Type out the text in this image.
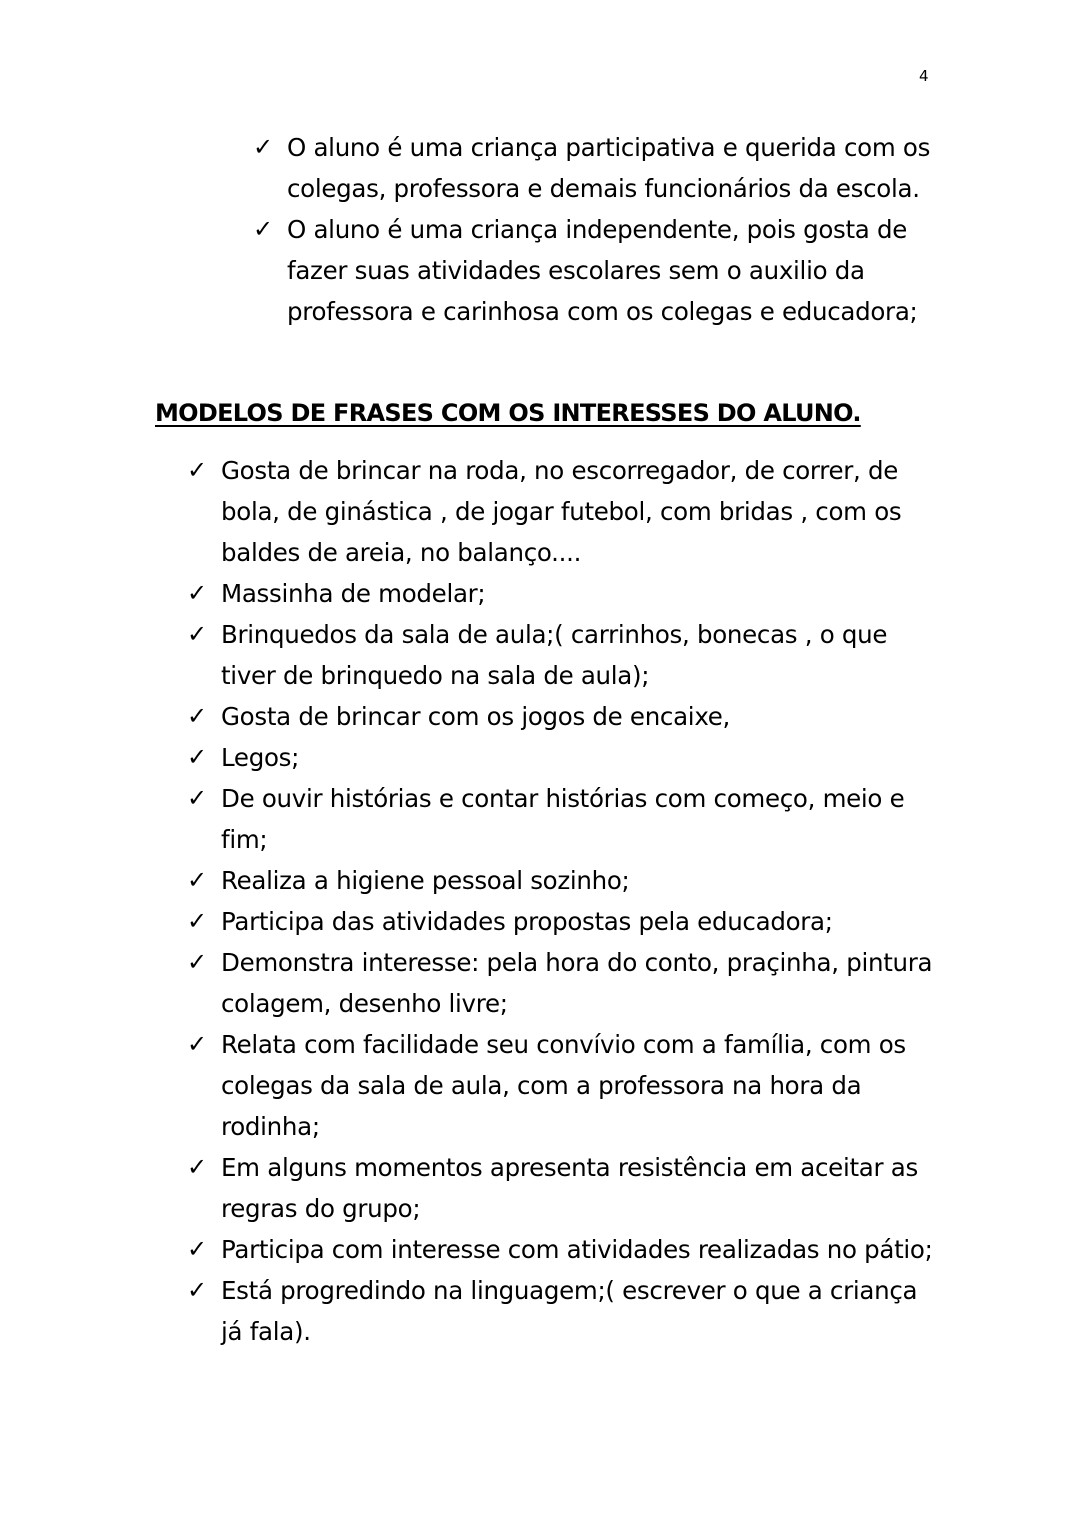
4
✓ O aluno é uma criança participativa e querida com os colegas, professora e demais funcionários da escola.
✓ O aluno é uma criança independente, pois gosta de fazer suas atividades escolares sem o auxilio da professora e carinhosa com os colegas e educadora;
MODELOS DE FRASES COM OS INTERESSES DO ALUNO.
✓ Gosta de brincar na roda, no escorregador, de correr, de bola, de ginástica , de jogar futebol, com bridas , com os baldes de areia, no balanço....
✓ Massinha de modelar;
✓ Brinquedos da sala de aula;( carrinhos, bonecas , o que tiver de brinquedo na sala de aula);
✓ Gosta de brincar com os jogos de encaixe,
✓ Legos;
✓ De ouvir histórias e contar histórias com começo, meio e fim;
✓ Realiza a higiene pessoal sozinho;
✓ Participa das atividades propostas pela educadora;
✓ Demonstra interesse: pela hora do conto, praçinha, pintura colagem, desenho livre;
✓ Relata com facilidade seu convívio com a família, com os colegas da sala de aula, com a professora na hora da rodinha;
✓ Em alguns momentos apresenta resistência em aceitar as regras do grupo;
✓ Participa com interesse com atividades realizadas no pátio;
✓ Está progredindo na linguagem;( escrever o que a criança já fala).
